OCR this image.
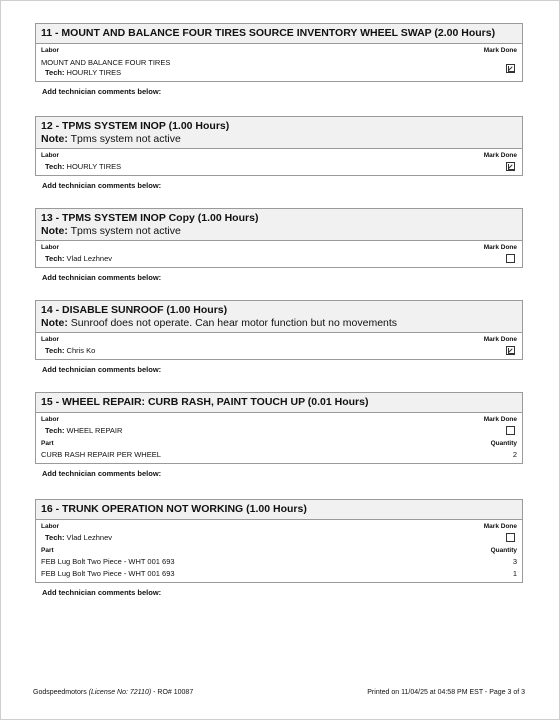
11 - MOUNT AND BALANCE FOUR TIRES SOURCE INVENTORY WHEEL SWAP (2.00 Hours)
Labor	Mark Done
MOUNT AND BALANCE FOUR TIRES
Tech: HOURLY TIRES
Add technician comments below:
12 - TPMS SYSTEM INOP (1.00 Hours)
Note: Tpms system not active
Labor	Mark Done
Tech: HOURLY TIRES
Add technician comments below:
13 - TPMS SYSTEM INOP Copy (1.00 Hours)
Note: Tpms system not active
Labor	Mark Done
Tech: Vlad Lezhnev
Add technician comments below:
14 - DISABLE SUNROOF (1.00 Hours)
Note: Sunroof does not operate. Can hear motor function but no movements
Labor	Mark Done
Tech: Chris Ko
Add technician comments below:
15 - WHEEL REPAIR: CURB RASH, PAINT TOUCH UP (0.01 Hours)
Labor	Mark Done
Tech: WHEEL REPAIR
Part	Quantity
CURB RASH REPAIR PER WHEEL	2
Add technician comments below:
16 - TRUNK OPERATION NOT WORKING (1.00 Hours)
Labor	Mark Done
Tech: Vlad Lezhnev
Part	Quantity
FEB Lug Bolt Two Piece - WHT 001 693	3
FEB Lug Bolt Two Piece - WHT 001 693	1
Add technician comments below:
Godspeedmotors (License No: 72110) - RO# 10087	Printed on 11/04/25 at 04:58 PM EST - Page 3 of 3
